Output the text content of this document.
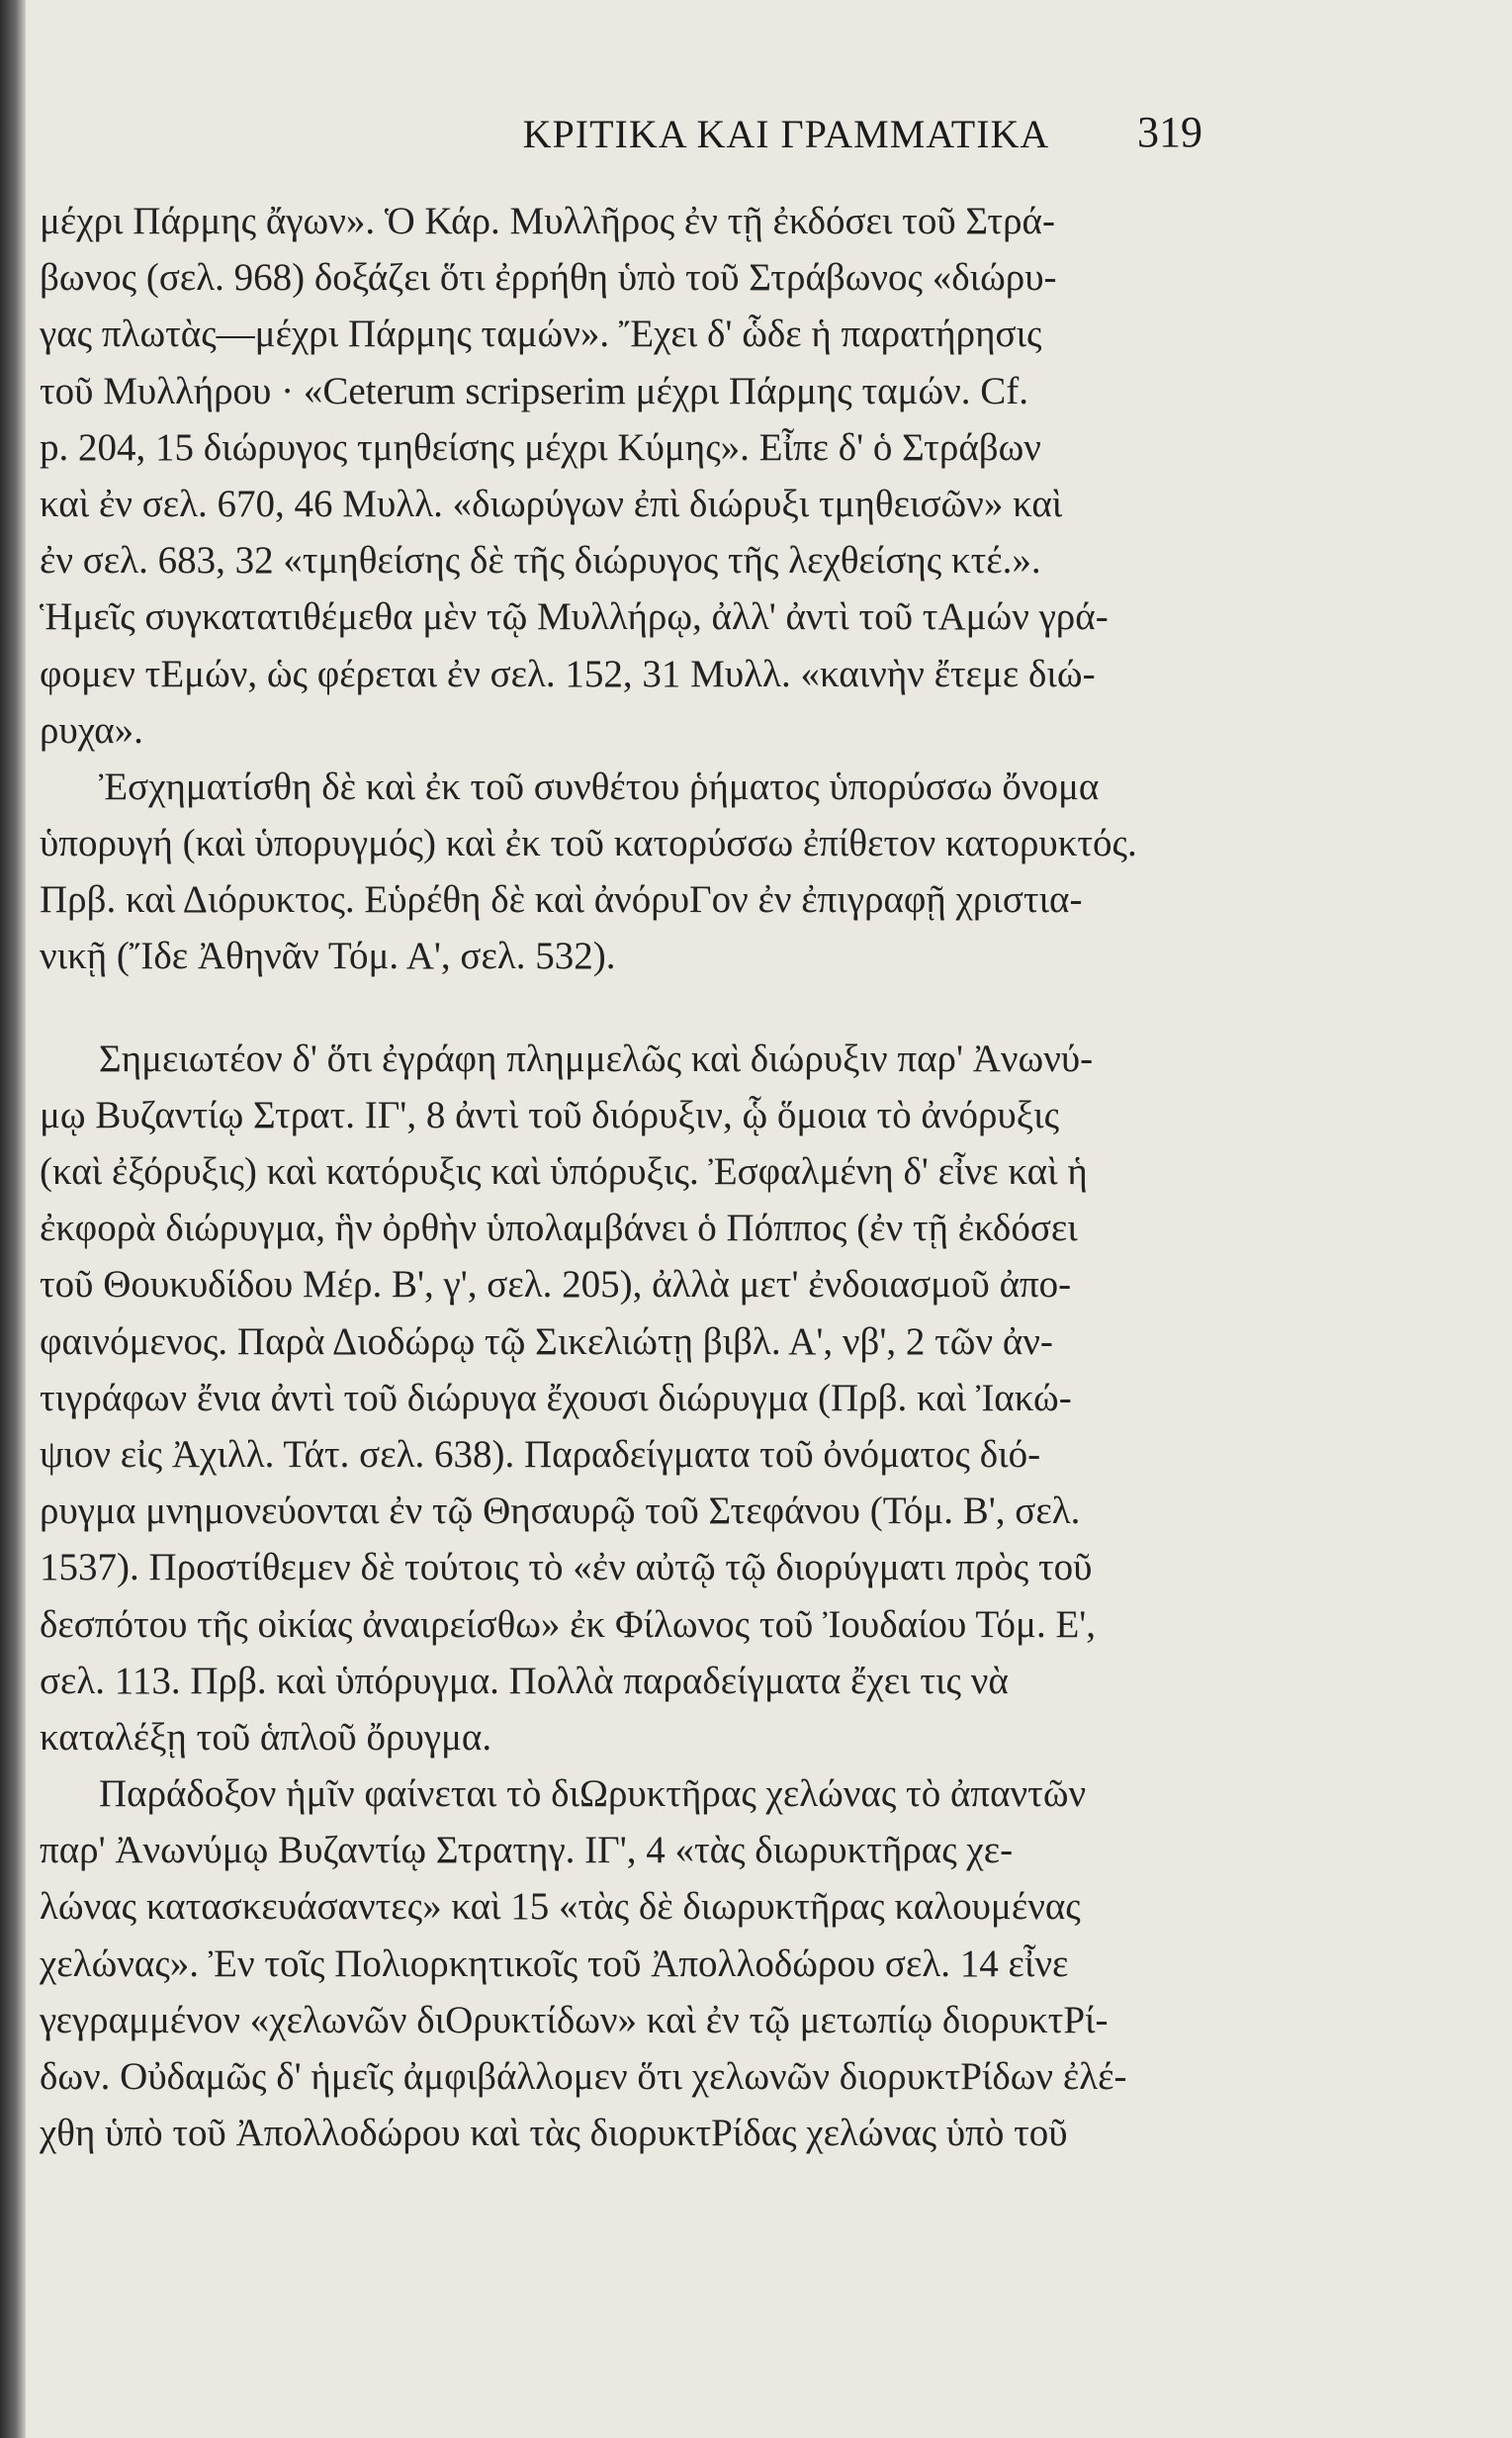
ΚΡΙΤΙΚΑ ΚΑΙ ΓΡΑΜΜΑΤΙΚΑ	319
μέχρι Πάρμης ἄγων». Ὁ Κάρ. Μυλλῆρος ἐν τῇ ἐκδόσει τοῦ Στρά-
βωνος (σελ. 968) δοξάζει ὅτι ἐρρήθη ὑπὸ τοῦ Στράβωνος «διώρυ-
γας πλωτὰς—μέχρι Πάρμης ταμών». Ἔχει δ' ὧδε ἡ παρατήρησις
τοῦ Μυλλήρου · «Ceterum scripserim μέχρι Πάρμης ταμών. Cf.
p. 204, 15 διώρυγος τμηθείσης μέχρι Κύμης». Εἶπε δ' ὁ Στράβων
καὶ ἐν σελ. 670, 46 Μυλλ. «διωρύγων ἐπὶ διώρυξι τμηθεισῶν» καὶ
ἐν σελ. 683, 32 «τμηθείσης δὲ τῆς διώρυγος τῆς λεχθείσης κτέ.».
Ἡμεῖς συγκατατιθέμεθα μὲν τῷ Μυλλήρῳ, ἀλλ' ἀντὶ τοῦ τΑμών γρά-
φομεν τΕμών, ὡς φέρεται ἐν σελ. 152, 31 Μυλλ. «καινὴν ἔτεμε διώ-
ρυχα».
Ἐσχηματίσθη δὲ καὶ ἐκ τοῦ συνθέτου ῥήματος ὑπορύσσω ὄνομα
ὑπορυγή (καὶ ὑπορυγμός) καὶ ἐκ τοῦ κατορύσσω ἐπίθετον κατορυκτός.
Πρβ. καὶ Διόρυκτος. Εὑρέθη δὲ καὶ ἀνόρυΓον ἐν ἐπιγραφῇ χριστια-
νικῇ (Ἴδε Ἀθηνᾶν Τόμ. Α', σελ. 532).
Σημειωτέον δ' ὅτι ἐγράφη πλημμελῶς καὶ διώρυξιν παρ' Ἀνωνύ-
μῳ Βυζαντίῳ Στρατ. ΙΓ', 8 ἀντὶ τοῦ διόρυξιν, ᾧ ὅμοια τὸ ἀνόρυξις
(καὶ ἐξόρυξις) καὶ κατόρυξις καὶ ὑπόρυξις. Ἐσφαλμένη δ' εἶνε καὶ ἡ
ἐκφορὰ διώρυγμα, ἣν ὀρθὴν ὑπολαμβάνει ὁ Πόππος (ἐν τῇ ἐκδόσει
τοῦ Θουκυδίδου Μέρ. Β', γ', σελ. 205), ἀλλὰ μετ' ἐνδοιασμοῦ ἀπο-
φαινόμενος. Παρὰ Διοδώρῳ τῷ Σικελιώτῃ βιβλ. Α', νβ', 2 τῶν ἀν-
τιγράφων ἔνια ἀντὶ τοῦ διώρυγα ἔχουσι διώρυγμα (Πρβ. καὶ Ἰακώ-
ψιον εἰς Ἀχιλλ. Τάτ. σελ. 638). Παραδείγματα τοῦ ὀνόματος διό-
ρυγμα μνημονεύονται ἐν τῷ Θησαυρῷ τοῦ Στεφάνου (Τόμ. Β', σελ.
1537). Προστίθεμεν δὲ τούτοις τὸ «ἐν αὐτῷ τῷ διορύγματι πρὸς τοῦ
δεσπότου τῆς οἰκίας ἀναιρείσθω» ἐκ Φίλωνος τοῦ Ἰουδαίου Τόμ. Ε',
σελ. 113. Πρβ. καὶ ὑπόρυγμα. Πολλὰ παραδείγματα ἔχει τις νὰ
καταλέξῃ τοῦ ἁπλοῦ ὄρυγμα.
Παράδοξον ἡμῖν φαίνεται τὸ διΩρυκτῆρας χελώνας τὸ ἀπαντῶν
παρ' Ἀνωνύμῳ Βυζαντίῳ Στρατηγ. ΙΓ', 4 «τὰς διωρυκτῆρας χε-
λώνας κατασκευάσαντες» καὶ 15 «τὰς δὲ διωρυκτῆρας καλουμένας
χελώνας». Ἐν τοῖς Πολιορκητικοῖς τοῦ Ἀπολλοδώρου σελ. 14 εἶνε
γεγραμμένον «χελωνῶν διΟρυκτίδων» καὶ ἐν τῷ μετωπίῳ διορυκτΡί-
δων. Οὐδαμῶς δ' ἡμεῖς ἀμφιβάλλομεν ὅτι χελωνῶν διορυκτΡίδων ἐλέ-
χθη ὑπὸ τοῦ Ἀπολλοδώρου καὶ τὰς διορυκτΡίδας χελώνας ὑπὸ τοῦ
